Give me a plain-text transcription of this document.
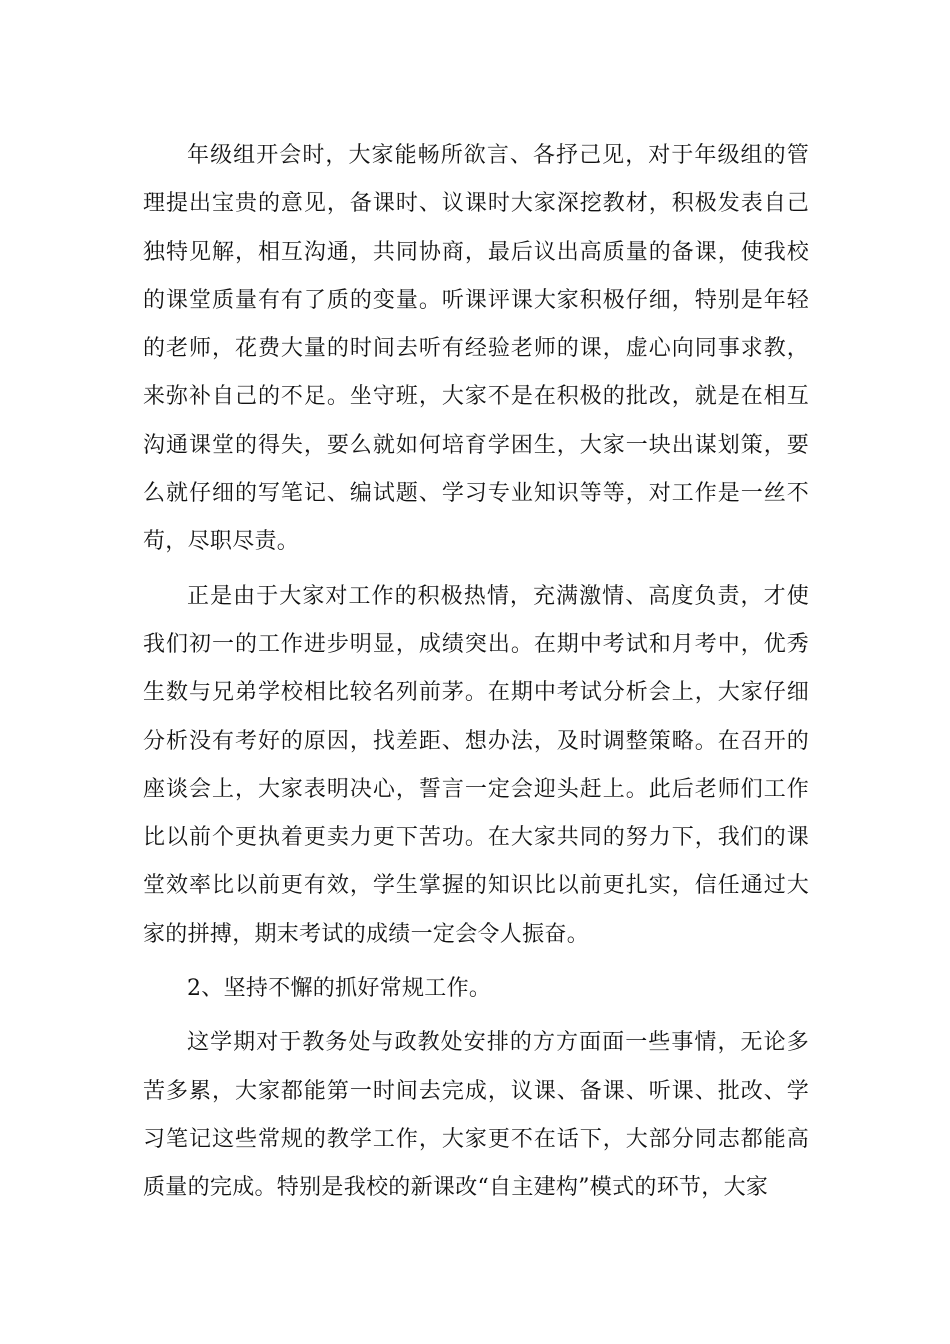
年级组开会时，大家能畅所欲言、各抒己见，对于年级组的管理提出宝贵的意见，备课时、议课时大家深挖教材，积极发表自己独特见解，相互沟通，共同协商，最后议出高质量的备课，使我校的课堂质量有有了质的变量。听课评课大家积极仔细，特别是年轻的老师，花费大量的时间去听有经验老师的课，虚心向同事求教，来弥补自己的不足。坐守班，大家不是在积极的批改，就是在相互沟通课堂的得失，要么就如何培育学困生，大家一块出谋划策，要么就仔细的写笔记、编试题、学习专业知识等等，对工作是一丝不苟，尽职尽责。

正是由于大家对工作的积极热情，充满激情、高度负责，才使我们初一的工作进步明显，成绩突出。在期中考试和月考中，优秀生数与兄弟学校相比较名列前茅。在期中考试分析会上，大家仔细分析没有考好的原因，找差距、想办法，及时调整策略。在召开的座谈会上，大家表明决心，誓言一定会迎头赶上。此后老师们工作比以前个更执着更卖力更下苦功。在大家共同的努力下，我们的课堂效率比以前更有效，学生掌握的知识比以前更扎实，信任通过大家的拼搏，期末考试的成绩一定会令人振奋。

2、坚持不懈的抓好常规工作。

这学期对于教务处与政教处安排的方方面面一些事情，无论多苦多累，大家都能第一时间去完成，议课、备课、听课、批改、学习笔记这些常规的教学工作，大家更不在话下，大部分同志都能高质量的完成。特别是我校的新课改“自主建构”模式的环节，大家
